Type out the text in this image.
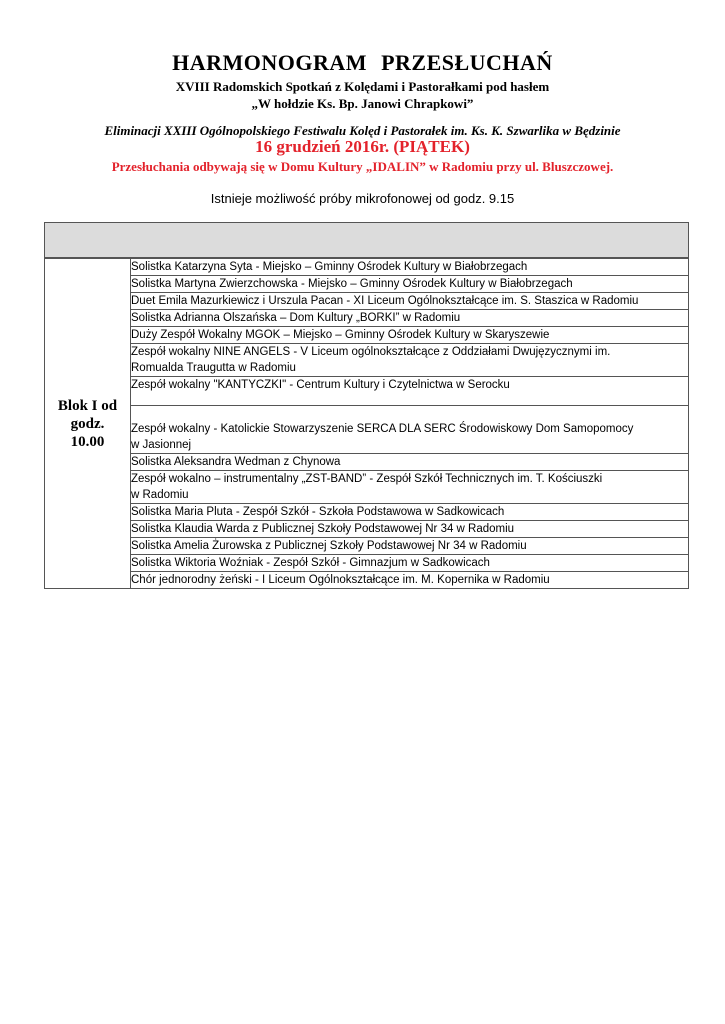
HARMONOGRAM PRZESŁUCHAŃ
XVIII Radomskich Spotkań z Kolędami i Pastorałkami pod hasłem
„W hołdzie Ks. Bp. Janowi Chrapkowi”
Eliminacji XXIII Ogólnopolskiego Festiwalu Kolęd i Pastorałek im. Ks. K. Szwarlika w Będzinie
16 grudzień 2016r. (PIĄTEK)
Przesłuchania odbywają się w Domu Kultury „IDALIN” w Radomiu przy ul. Bluszczowej.
Istnieje możliwość próby mikrofonowej od godz. 9.15
Blok I od
godz.
10.00	
Solistka Katarzyna Syta - Miejsko – Gminny Ośrodek Kultury w Białobrzegach

Solistka Martyna Zwierzchowska - Miejsko – Gminny Ośrodek Kultury w Białobrzegach

Duet Emila Mazurkiewicz i Urszula Pacan - XI Liceum Ogólnokształcące im. S. Staszica w Radomiu

Solistka Adrianna Olszańska – Dom Kultury „BORKI” w Radomiu

Duży Zespół Wokalny MGOK – Miejsko – Gminny Ośrodek Kultury w Skaryszewie

Zespół wokalny NINE ANGELS - V Liceum ogólnokształcące z Oddziałami Dwujęzycznymi im.
Romualda Traugutta w Radomiu

Zespół wokalny "KANTYCZKI" - Centrum Kultury i Czytelnictwa w Serocku

Zespół wokalny - Katolickie Stowarzyszenie SERCA DLA SERC Środowiskowy Dom Samopomocy
w Jasionnej

Solistka Aleksandra Wedman z Chynowa

Zespół wokalno – instrumentalny „ZST-BAND” - Zespół Szkół Technicznych im. T. Kościuszki
w Radomiu

Solistka Maria Pluta - Zespół Szkół - Szkoła Podstawowa w Sadkowicach

Solistka Klaudia Warda z Publicznej Szkoły Podstawowej Nr 34 w Radomiu

Solistka Amelia Żurowska z Publicznej Szkoły Podstawowej Nr 34 w Radomiu

Solistka Wiktoria Woźniak - Zespół Szkół - Gimnazjum w Sadkowicach

Chór jednorodny żeński - I Liceum Ogólnokształcące im. M. Kopernika w Radomiu
